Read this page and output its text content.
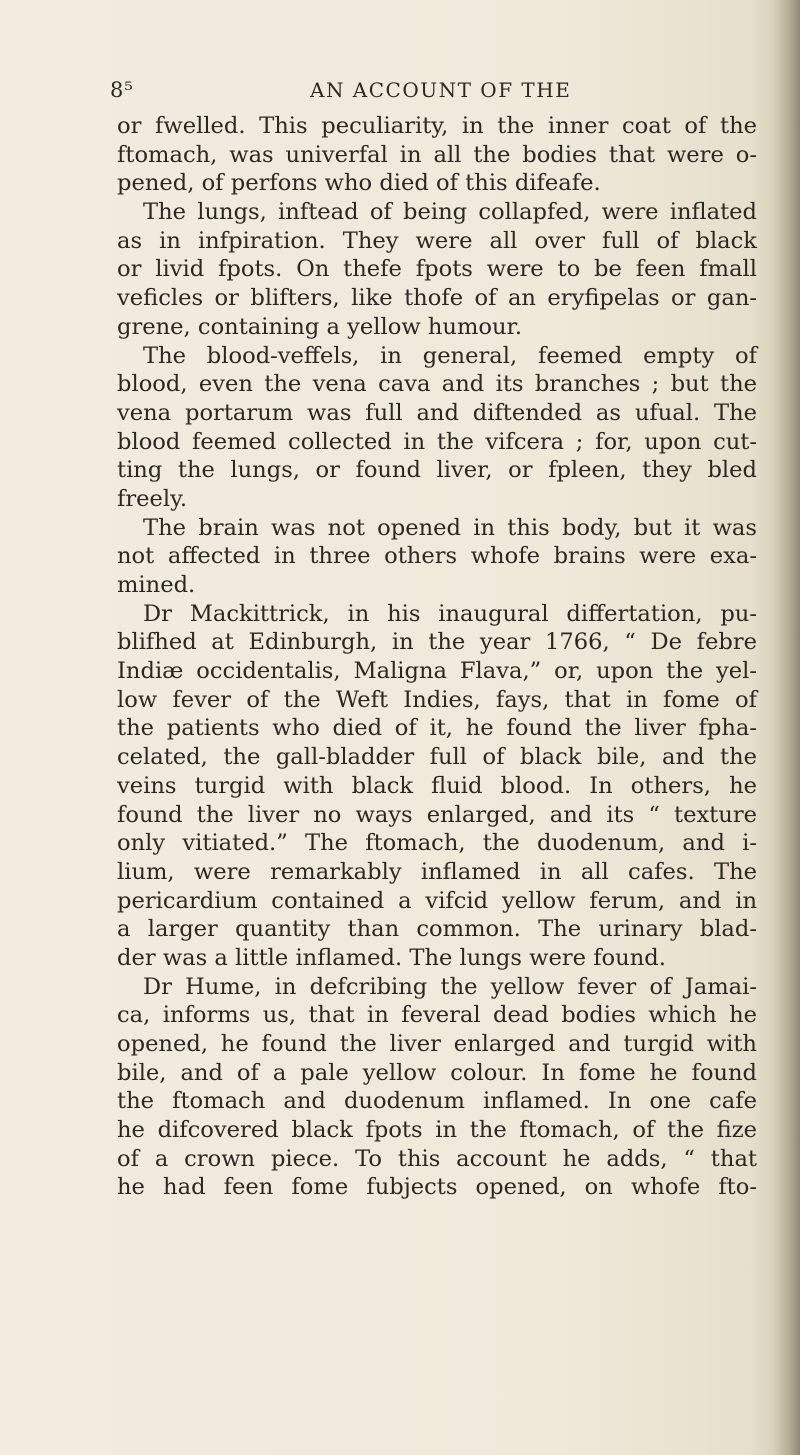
8⁵	AN ACCOUNT OF THE
or fwelled. This peculiarity, in the inner coat of the
ftomach, was univerfal in all the bodies that were o-
pened, of perfons who died of this difeafe.
The lungs, inftead of being collapfed, were inflated
as in infpiration. They were all over full of black
or livid fpots. On thefe fpots were to be feen fmall
veficles or blifters, like thofe of an eryfipelas or gan-
grene, containing a yellow humour.
The blood-veffels, in general, feemed empty of
blood, even the vena cava and its branches ; but the
vena portarum was full and diftended as ufual. The
blood feemed collected in the vifcera ; for, upon cut-
ting the lungs, or found liver, or fpleen, they bled
freely.
The brain was not opened in this body, but it was
not affected in three others whofe brains were exa-
mined.
Dr Mackittrick, in his inaugural differtation, pu-
blifhed at Edinburgh, in the year 1766, “ De febre
Indiæ occidentalis, Maligna Flava,” or, upon the yel-
low fever of the Weft Indies, fays, that in fome of
the patients who died of it, he found the liver fpha-
celated, the gall-bladder full of black bile, and the
veins turgid with black fluid blood. In others, he
found the liver no ways enlarged, and its “ texture
only vitiated.” The ftomach, the duodenum, and i-
lium, were remarkably inflamed in all cafes. The
pericardium contained a vifcid yellow ferum, and in
a larger quantity than common. The urinary blad-
der was a little inflamed. The lungs were found.
Dr Hume, in defcribing the yellow fever of Jamai-
ca, informs us, that in feveral dead bodies which he
opened, he found the liver enlarged and turgid with
bile, and of a pale yellow colour. In fome he found
the ftomach and duodenum inflamed. In one cafe
he difcovered black fpots in the ftomach, of the fize
of a crown piece. To this account he adds, “ that
he had feen fome fubjects opened, on whofe fto-
